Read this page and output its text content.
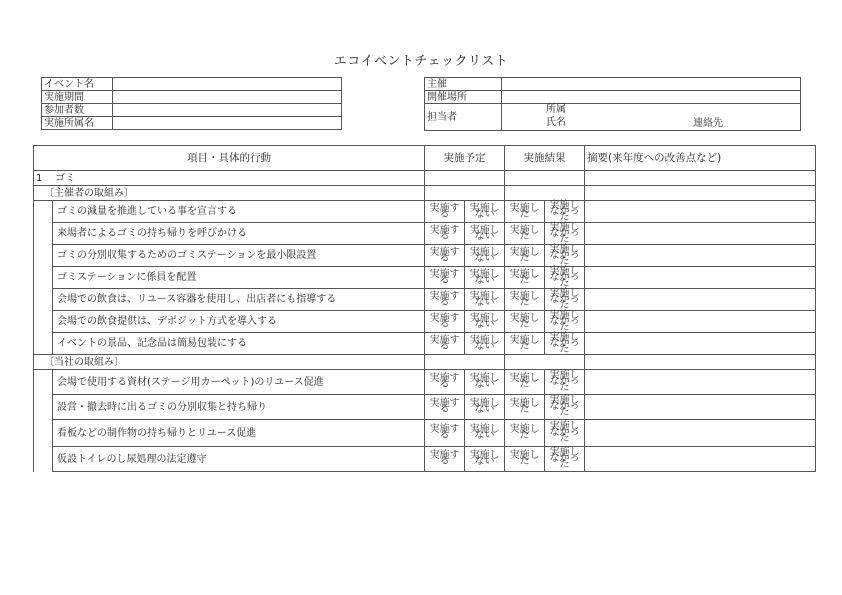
エコイベントチェックリスト
イベント名	
実施期間	
参加者数	
実施所属名	
主催	
開催場所	
担当者	所属
氏名 連絡先
項目・具体的行動		実施予定		実施結果		摘要(来年度への改善点など)
1 ゴミ						
〔主催者の取組み〕						
	ゴミの減量を推進している事を宣言する	実施する	実施しない	実施した	実施しなかった	
	来場者によるゴミの持ち帰りを呼びかける	実施する	実施しない	実施した	実施しなかった	
	ゴミの分別収集するためのゴミステーションを最小限設置	実施する	実施しない	実施した	実施しなかった	
	ゴミステーションに係員を配置	実施する	実施しない	実施した	実施しなかった	
	会場での飲食は、リユース容器を使用し、出店者にも指導する	実施する	実施しない	実施した	実施しなかった	
	会場での飲食提供は、デポジット方式を導入する	実施する	実施しない	実施した	実施しなかった	
	イベントの景品、記念品は簡易包装にする	実施する	実施しない	実施した	実施しなかった	
〔当社の取組み〕						
	会場で使用する資材(ステージ用カーペット)のリユース促進	実施する	実施しない	実施した	実施しなかった	
	設営・撤去時に出るゴミの分別収集と持ち帰り	実施する	実施しない	実施した	実施しなかった	
	看板などの制作物の持ち帰りとリユース促進	実施する	実施しない	実施した	実施しなかった	
	仮設トイレのし尿処理の法定遵守	実施する	実施しない	実施した	実施しなかった	
